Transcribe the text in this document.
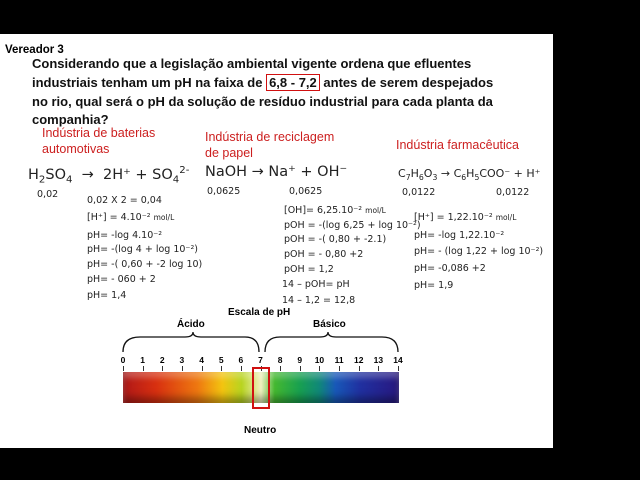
Vereador 3
Considerando que a legislação ambiental vigente ordena que efluentes
industriais tenham um pH na faixa de 6,8 - 7,2 antes de serem despejados
no rio, qual será o pH da solução de resíduo industrial para cada planta da
companhia?
Indústria de baterias
automotivas
$H_2SO_4 \to 2H^+ + SO_4^{2-}$
0,02
0,02 X 2 = 0,04
[H⁺] = 4.10⁻² mol/L
pH= -log 4.10⁻²
pH= -(log 4 + log 10⁻²)
pH= -( 0,60 + -2 log 10)
pH= - 060 + 2
pH= 1,4
Indústria de reciclagem
de papel
NaOH → Na⁺ + OH⁻
0,0625	0,0625
[OH]= 6,25.10⁻² mol/L
pOH = -(log 6,25 + log 10⁻²)
pOH = -( 0,80 + -2.1)
pOH = - 0,80 +2
pOH = 1,2
14 – pOH= pH
14 – 1,2 = 12,8
Indústria farmacêutica
$C_7H_6O_3 \to C_6H_5COO^- + H^+$
0,0122	0,0122
[H⁺] = 1,22.10⁻² mol/L
pH= -log 1,22.10⁻²
pH= - (log 1,22 + log 10⁻²)
pH= -0,086 +2
pH= 1,9
Escala de pH
Ácido	Básico
0	1	2	3	4	5	6	7	8	9	10	11	12	13	14
Neutro
